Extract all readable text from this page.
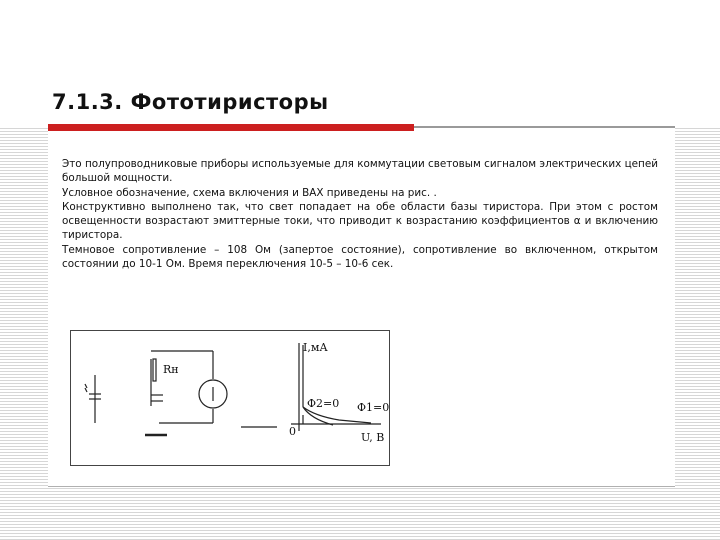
7.1.3. Фототиристоры

Это полупроводниковые приборы используемые для коммутации световым сигналом электрических цепей большой мощности.

Условное обозначение, схема включения и ВАХ приведены на рис. .

Конструктивно выполнено так, что свет попадает на обе области базы тиристора. При этом с ростом освещенности возрастают эмиттерные токи, что приводит к возрастанию коэффициентов α и включению тиристора.

Темновое сопротивление – 108 Ом (запертое состояние), сопротивление во включенном, открытом состоянии до 10-1 Ом. Время переключения 10-5 – 10-6 сек.

Rн
I,мА
U, В
0
Φ2=0 Φ1=0
